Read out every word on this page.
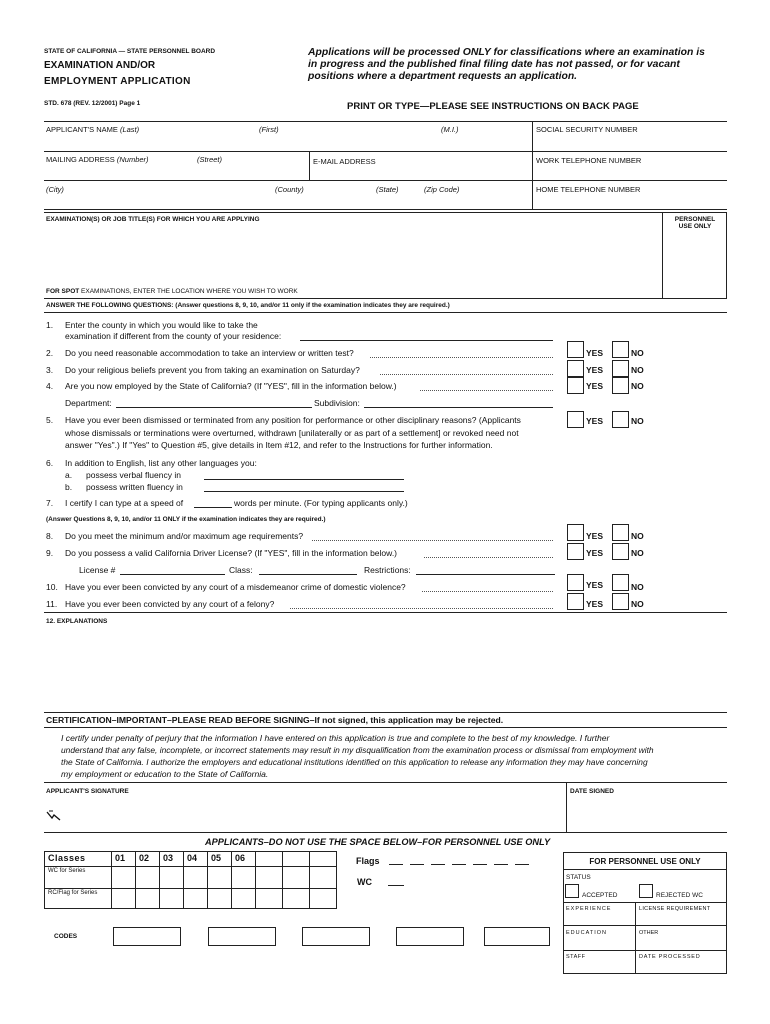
STATE OF CALIFORNIA — STATE PERSONNEL BOARD
EXAMINATION AND/OR
EMPLOYMENT APPLICATION
STD. 678 (REV. 12/2001) Page 1
Applications will be processed ONLY for classifications where an examination is
in progress and the published final filing date has not passed, or for vacant
positions where a department requests an application.
PRINT OR TYPE—PLEASE SEE INSTRUCTIONS ON BACK PAGE
APPLICANT'S NAME (Last)	(First)	(M.I.)	SOCIAL SECURITY NUMBER
MAILING ADDRESS (Number)	(Street)	E-MAIL ADDRESS	WORK TELEPHONE NUMBER
(City)	(County)	(State)	(Zip Code)	HOME TELEPHONE NUMBER
EXAMINATION(S) OR JOB TITLE(S) FOR WHICH YOU ARE APPLYING	PERSONNEL
USE ONLY
FOR SPOT EXAMINATIONS, ENTER THE LOCATION WHERE YOU WISH TO WORK
ANSWER THE FOLLOWING QUESTIONS: (Answer questions 8, 9, 10, and/or 11 only if the examination indicates they are required.)
1. Enter the county in which you would like to take the
examination if different from the county of your residence:
2. Do you need reasonable accommodation to take an interview or written test?	YES	NO
3. Do your religious beliefs prevent you from taking an examination on Saturday?	YES	NO
4. Are you now employed by the State of California? (If "YES", fill in the information below.)	YES	NO
Department:	Subdivision:
5. Have you ever been dismissed or terminated from any position for performance or other disciplinary reasons? (Applicants
whose dismissals or terminations were overturned, withdrawn [unilaterally or as part of a settlement] or revoked need not
answer "Yes".) If "Yes" to Question #5, give details in Item #12, and refer to the Instructions for further information.
YES	NO
6. In addition to English, list any other languages you:
a. possess verbal fluency in
b. possess written fluency in
7. I certify I can type at a speed of	words per minute. (For typing applicants only.)
(Answer Questions 8, 9, 10, and/or 11 ONLY if the examination indicates they are required.)
8. Do you meet the minimum and/or maximum age requirements?	YES	NO
9. Do you possess a valid California Driver License? (If "YES", fill in the information below.)	YES	NO
License #	Class:	Restrictions:
10. Have you ever been convicted by any court of a misdemeanor crime of domestic violence?	YES	NO
11. Have you ever been convicted by any court of a felony?	YES	NO
12. EXPLANATIONS
CERTIFICATION–IMPORTANT–PLEASE READ BEFORE SIGNING–If not signed, this application may be rejected.
I certify under penalty of perjury that the information I have entered on this application is true and complete to the best of my knowledge. I further
understand that any false, incomplete, or incorrect statements may result in my disqualification from the examination process or dismissal from employment with
the State of California. I authorize the employers and educational institutions identified on this application to release any information they may have concerning
my employment or education to the State of California.
APPLICANT'S SIGNATURE	DATE SIGNED
APPLICANTS–DO NOT USE THE SPACE BELOW–FOR PERSONNEL USE ONLY
Classes	01	02	03	04	05	06
WC for Series
RC/Flag for Series
Flags
WC
CODES
FOR PERSONNEL USE ONLY
STATUS
ACCEPTED	REJECTED WC
EXPERIENCE	LICENSE REQUIREMENT
EDUCATION	OTHER
STAFF	DATE PROCESSED
